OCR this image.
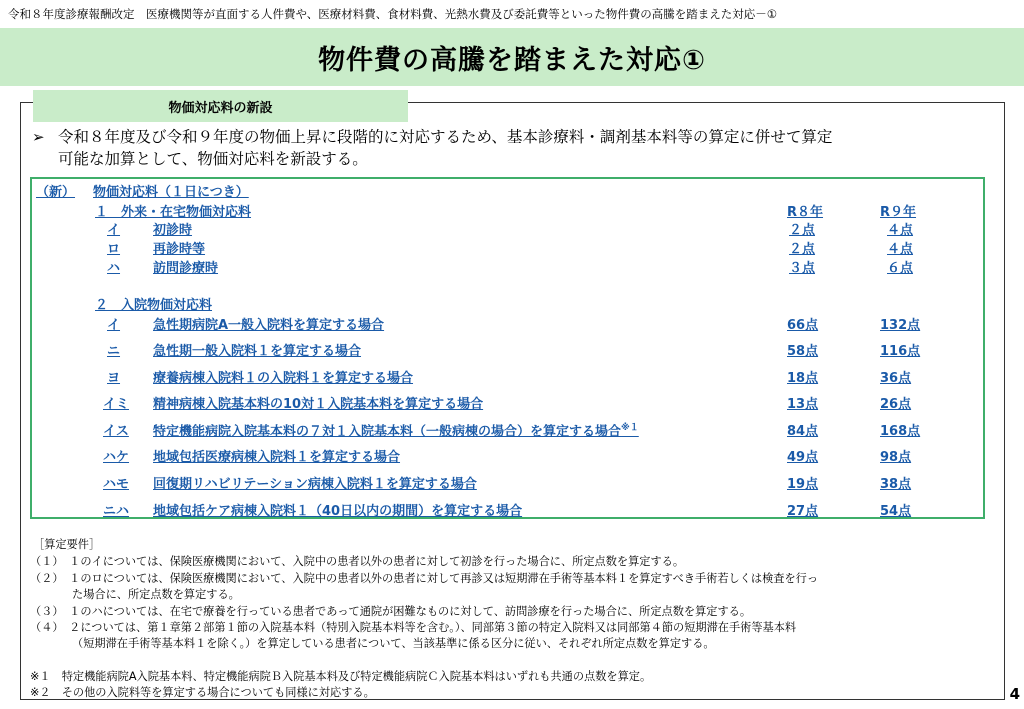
令和８年度診療報酬改定　医療機関等が直面する人件費や、医療材料費、食材料費、光熱水費及び委託費等といった物件費の高騰を踏まえた対応－①
物件費の高騰を踏まえた対応①
物価対応料の新設
➢ 令和８年度及び令和９年度の物価上昇に段階的に対応するため、基本診療料・調剤基本料等の算定に併せて算定
可能な加算として、物価対応料を新設する。
（新） 物価対応料（１日につき）
１　外来・在宅物価対応料	R８年	R９年
イ	初診時	２点	４点
ロ	再診時等	２点	４点
ハ	訪問診療時	３点	６点
２　入院物価対応料
イ	急性期病院A一般入院料を算定する場合	66点	132点
ニ	急性期一般入院料１を算定する場合	58点	116点
ヨ	療養病棟入院料１の入院料１を算定する場合	18点	36点
イミ 精神病棟入院基本料の10対１入院基本料を算定する場合	13点	26点
イス 特定機能病院入院基本料の７対１入院基本料（一般病棟の場合）を算定する場合$^{※1}$	84点	168点
ハケ 地域包括医療病棟入院料１を算定する場合	49点	98点
ハモ 回復期リハビリテーション病棟入院料１を算定する場合	19点	38点
ニハ 地域包括ケア病棟入院料１（40日以内の期間）を算定する場合	27点	54点
［算定要件］
（１）　１のイについては、保険医療機関において、入院中の患者以外の患者に対して初診を行った場合に、所定点数を算定する。
（２）　１のロについては、保険医療機関において、入院中の患者以外の患者に対して再診又は短期滞在手術等基本料１を算定すべき手術若しくは検査を行っ
た場合に、所定点数を算定する。
（３）　１のハについては、在宅で療養を行っている患者であって通院が困難なものに対して、訪問診療を行った場合に、所定点数を算定する。
（４）　２については、第１章第２部第１節の入院基本料（特別入院基本料等を含む。）、同部第３節の特定入院料又は同部第４節の短期滞在手術等基本料
（短期滞在手術等基本料１を除く。）を算定している患者について、当該基準に係る区分に従い、それぞれ所定点数を算定する。
※１　特定機能病院A入院基本料、特定機能病院Ｂ入院基本料及び特定機能病院Ｃ入院基本料はいずれも共通の点数を算定。
※２　その他の入院料等を算定する場合についても同様に対応する。	4
